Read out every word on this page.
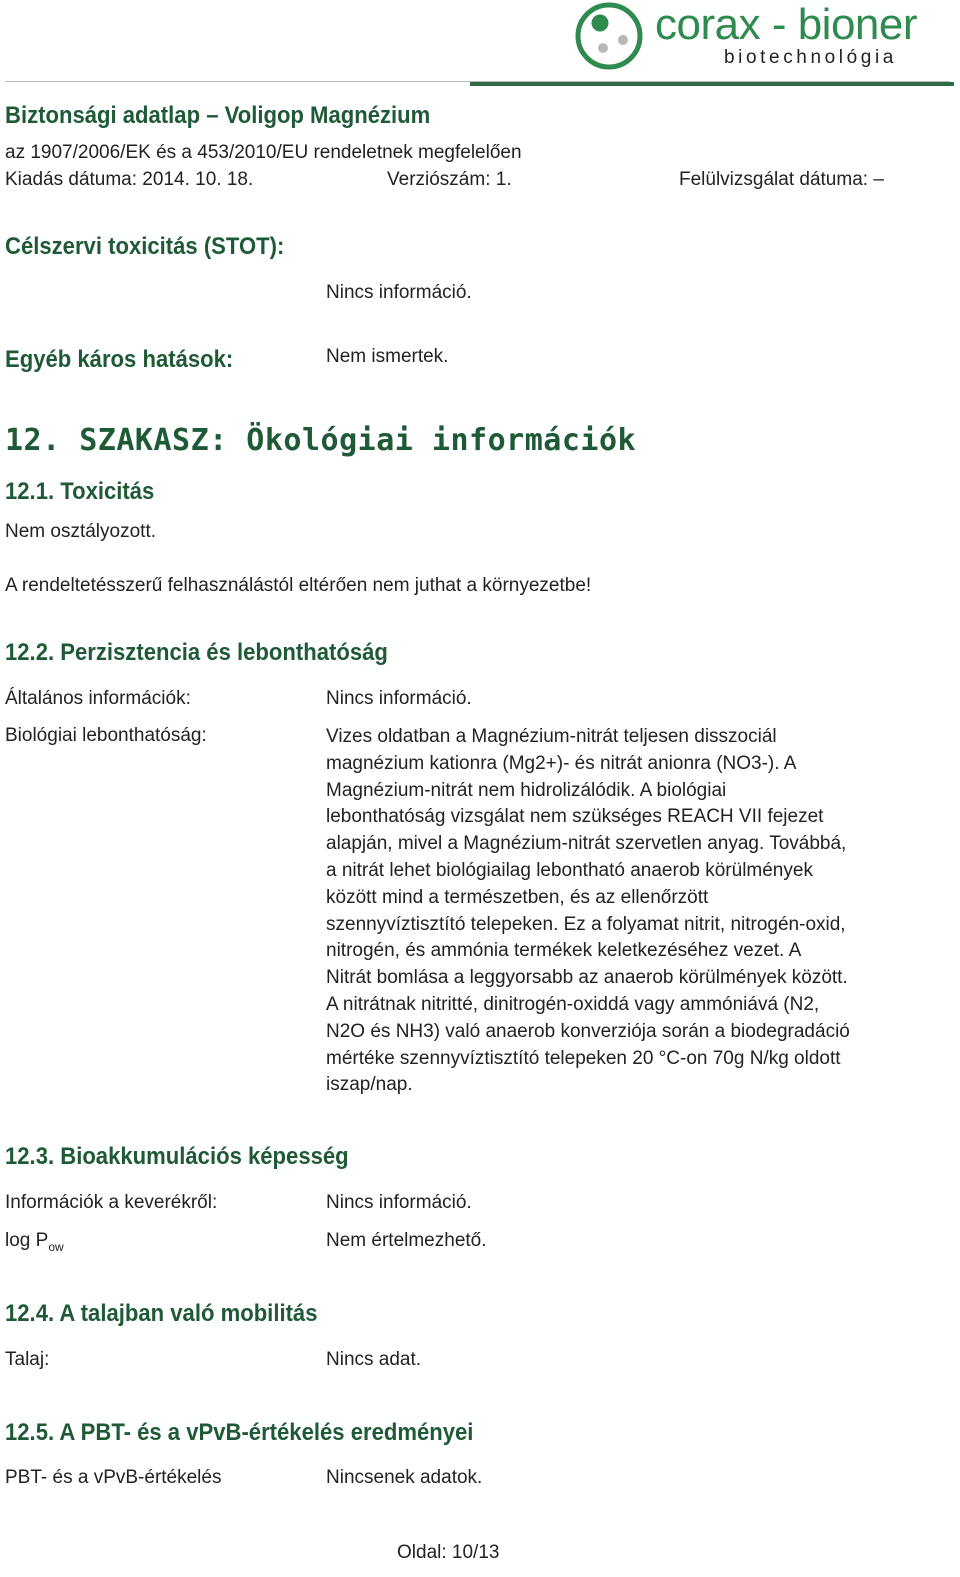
corax - bioner
biotechnológia
Biztonsági adatlap – Voligop Magnézium
az 1907/2006/EK és a 453/2010/EU rendeletnek megfelelően
Kiadás dátuma: 2014. 10. 18.	Verziószám: 1.	Felülvizsgálat dátuma: –
Célszervi toxicitás (STOT):
Nincs információ.
Egyéb káros hatások:	Nem ismertek.
12. SZAKASZ: Ökológiai információk
12.1. Toxicitás
Nem osztályozott.
A rendeltetésszerű felhasználástól eltérően nem juthat a környezetbe!
12.2. Perzisztencia és lebonthatóság
Általános információk:	Nincs információ.
Biológiai lebonthatóság:	Vizes oldatban a Magnézium-nitrát teljesen disszociál
magnézium kationra (Mg2+)- és nitrát anionra (NO3-). A
Magnézium-nitrát nem hidrolizálódik. A biológiai
lebonthatóság vizsgálat nem szükséges REACH VII fejezet
alapján, mivel a Magnézium-nitrát szervetlen anyag. Továbbá,
a nitrát lehet biológiailag lebontható anaerob körülmények
között mind a természetben, és az ellenőrzött
szennyvíztisztító telepeken. Ez a folyamat nitrit, nitrogén-oxid,
nitrogén, és ammónia termékek keletkezéséhez vezet. A
Nitrát bomlása a leggyorsabb az anaerob körülmények között.
A nitrátnak nitritté, dinitrogén-oxiddá vagy ammóniává (N2,
N2O és NH3) való anaerob konverziója során a biodegradáció
mértéke szennyvíztisztító telepeken 20 °C-on 70g N/kg oldott
iszap/nap.
12.3. Bioakkumulációs képesség
Információk a keverékről:	Nincs információ.
$\log P_{ow}$	Nem értelmezhető.
12.4. A talajban való mobilitás
Talaj:	Nincs adat.
12.5. A PBT- és a vPvB-értékelés eredményei
PBT- és a vPvB-értékelés	Nincsenek adatok.
Oldal: 10/13
